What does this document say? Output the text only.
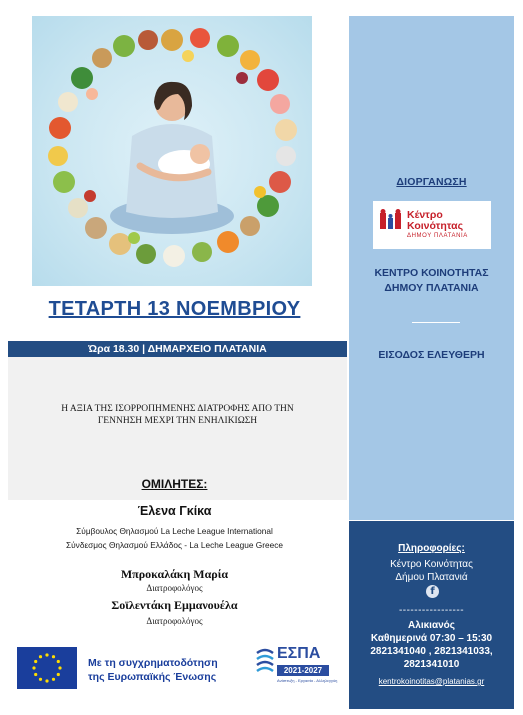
ΔΙΟΡΓΑΝΩΣΗ
Κέντρο
Κοινότητας
ΔΗΜΟΥ ΠΛΑΤΑΝΙΑ
ΚΕΝΤΡΟ ΚΟΙΝΟΤΗΤΑΣ
ΔΗΜΟΥ ΠΛΑΤΑΝΙΑ
ΕΙΣΟΔΟΣ ΕΛΕΥΘΕΡΗ
Πληροφορίες:
Κέντρο Κοινότητας
Δήμου Πλατανιά
f
-----------------
Αλικιανός
Καθημερινά 07:30 – 15:30
2821341040 , 2821341033,
2821341010
kentrokoinotitas@platanias.gr
ΤΕΤΑΡΤΗ 13 ΝΟΕΜΒΡΙΟΥ
Ώρα 18.30 | ΔΗΜΑΡΧΕΙΟ ΠΛΑΤΑΝΙΑ
Η ΑΞΙΑ ΤΗΣ ΙΣΟΡΡΟΠΗΜΕΝΗΣ ΔΙΑΤΡΟΦΗΣ ΑΠΟ ΤΗΝ
ΓΕΝΝΗΣΗ ΜΕΧΡΙ ΤΗΝ ΕΝΗΛΙΚΙΩΣΗ
ΟΜΙΛΗΤΕΣ:
Έλενα Γκίκα
Σύμβουλος Θηλασμού La Leche League International
Σύνδεσμος Θηλασμού Ελλάδος - La Leche League Greece
Μπροκαλάκη Μαρία
Διατροφολόγος
Σοϊλεντάκη Εμμανουέλα
Διατροφολόγος
Με τη συγχρηματοδότηση
της Ευρωπαϊκής Ένωσης
ΕΣΠΑ
2021-2027
Ανάπτυξη - Εργασία - Αλληλεγγύη
